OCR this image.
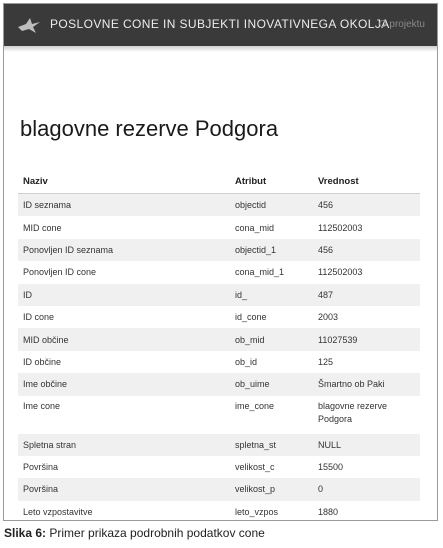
POSLOVNE CONE IN SUBJEKTI INOVATIVNEGA OKOLJA
O projektu
blagovne rezerve Podgora
Naziv	Atribut	Vrednost
ID seznama	objectid	456
MID cone	cona_mid	112502003
Ponovljen ID seznama	objectid_1	456
Ponovljen ID cone	cona_mid_1	112502003
ID	id_	487
ID cone	id_cone	2003
MID občine	ob_mid	11027539
ID občine	ob_id	125
Ime občine	ob_uime	Šmartno ob Paki
Ime cone	ime_cone	blagovne rezerve Podgora
Spletna stran	spletna_st	NULL
Površina	velikost_c	15500
Površina	velikost_p	0
Leto vzpostavitve	leto_vzpos	1880
Slika 6: Primer prikaza podrobnih podatkov cone
